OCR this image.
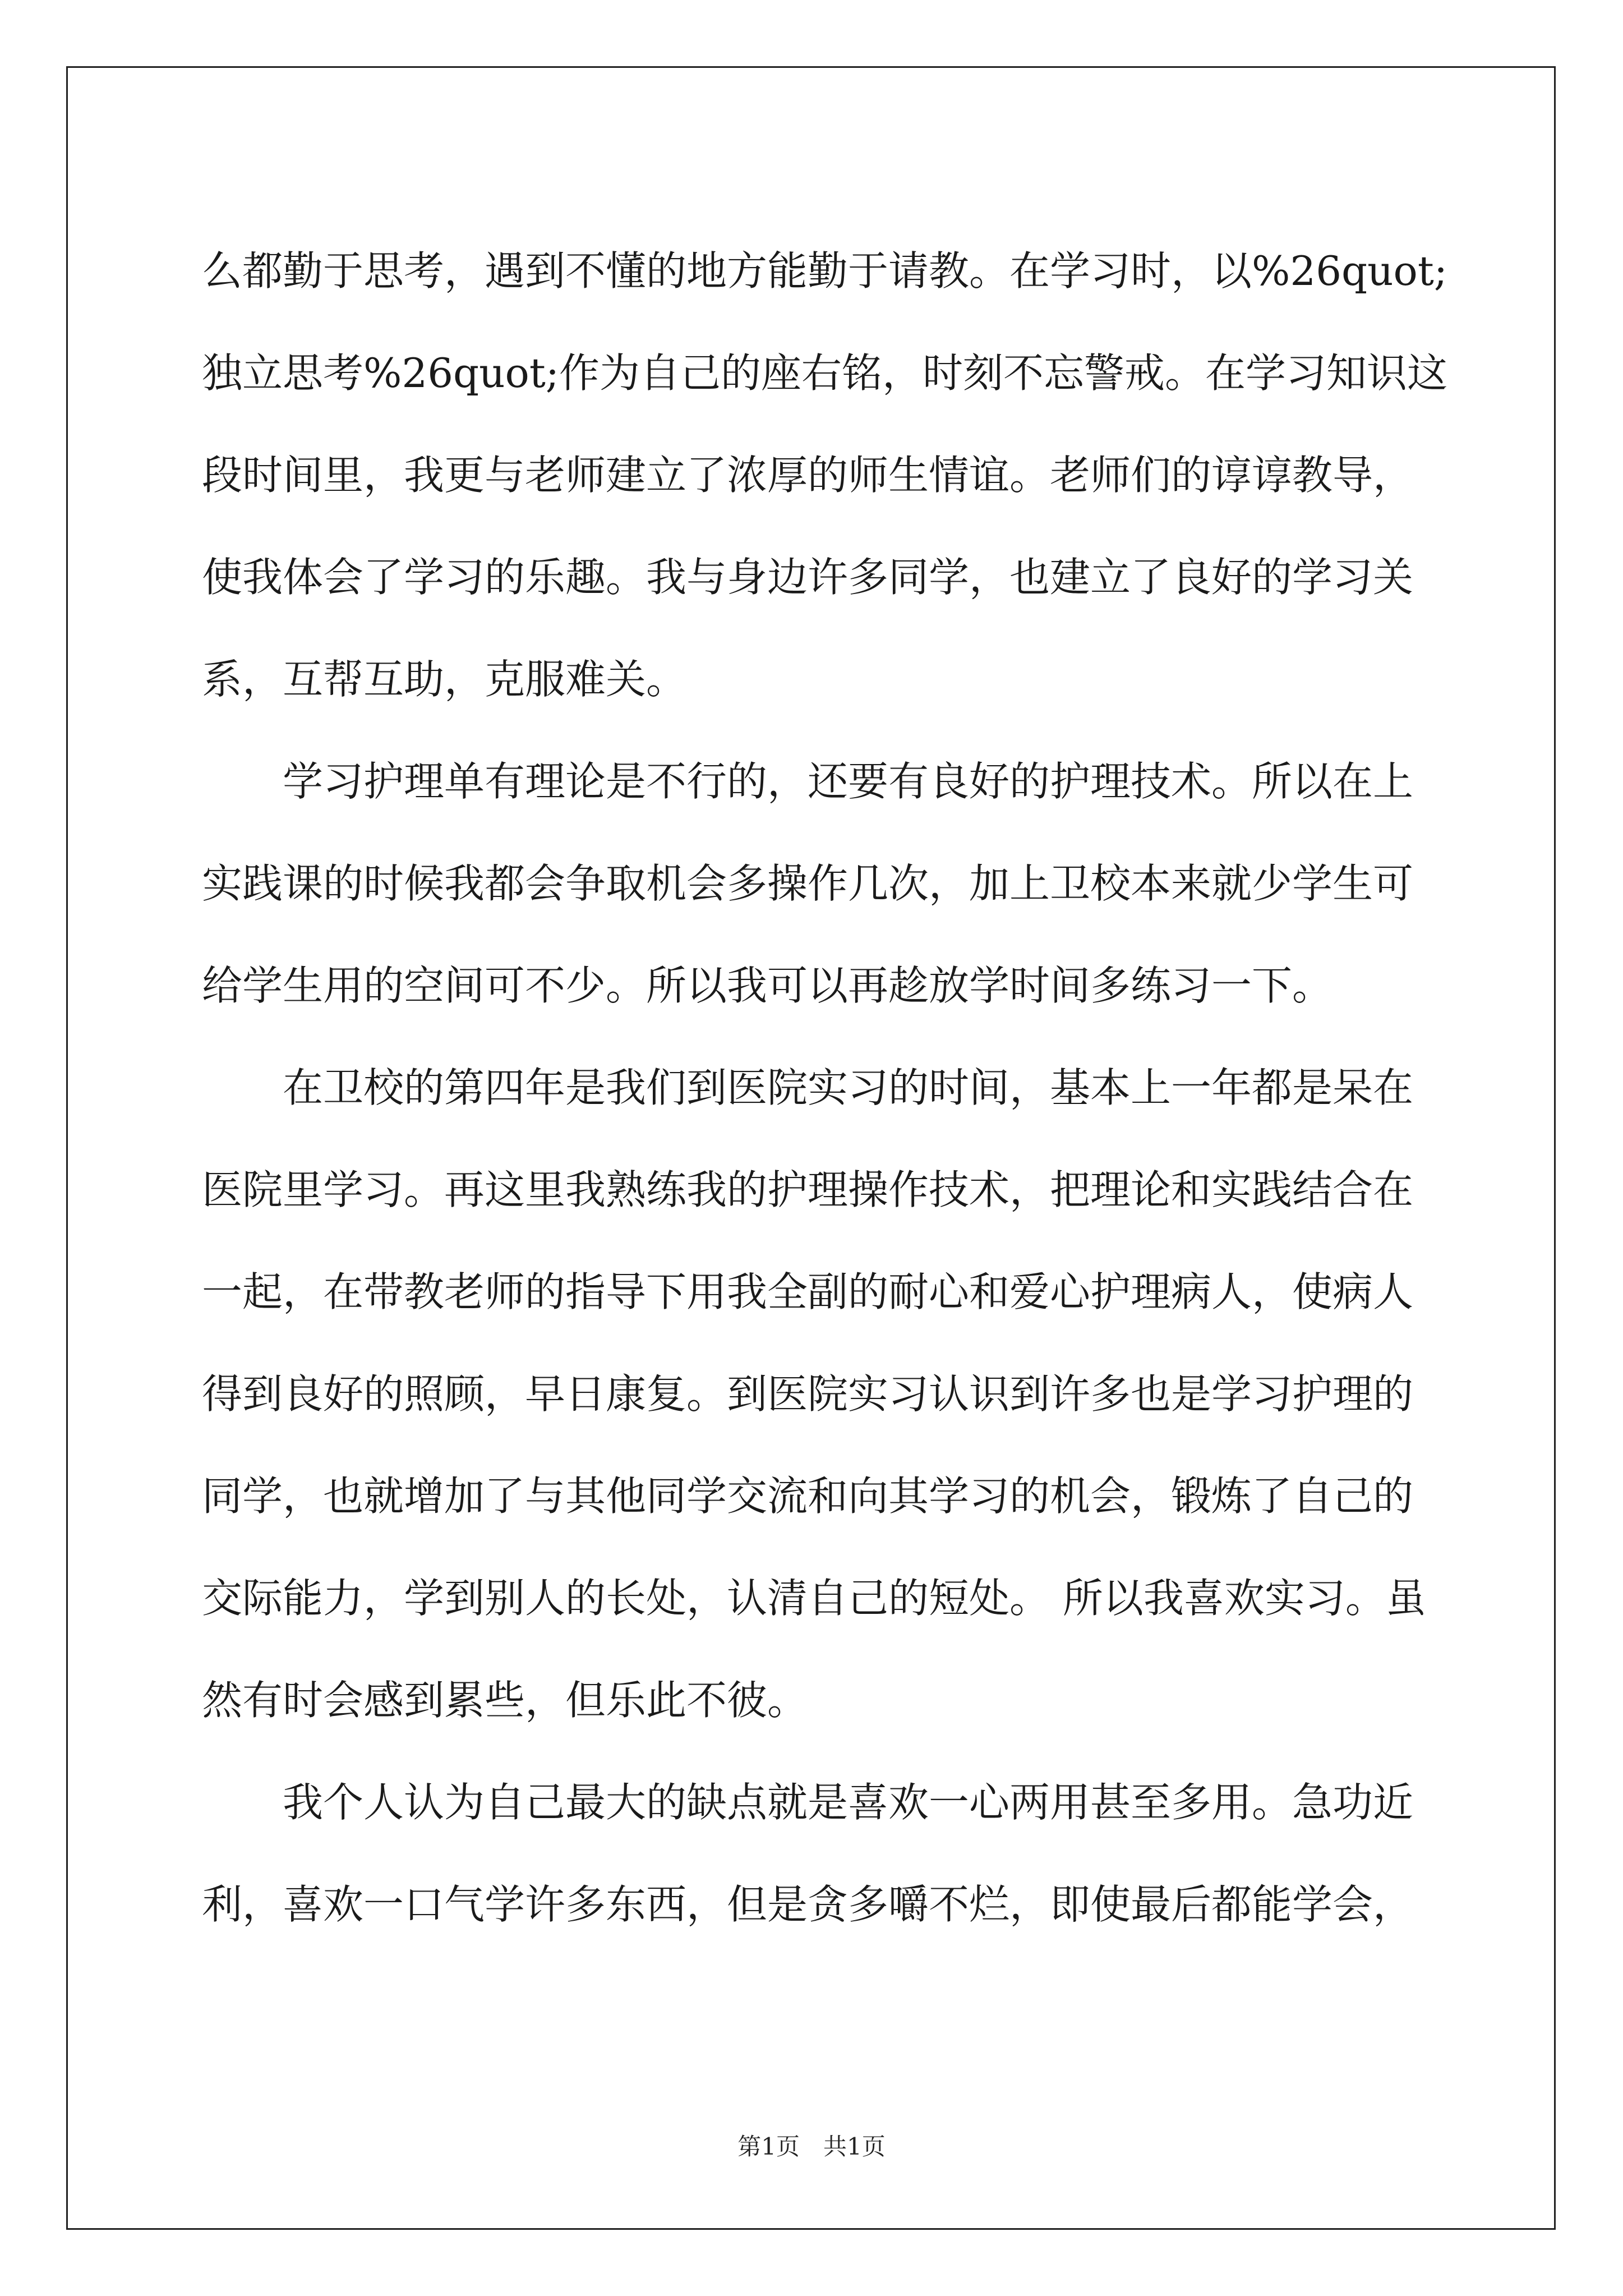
么都勤于思考，遇到不懂的地方能勤于请教。在学习时，以%26quot;
独立思考%26quot;作为自己的座右铭，时刻不忘警戒。在学习知识这
段时间里，我更与老师建立了浓厚的师生情谊。老师们的谆谆教导，
使我体会了学习的乐趣。我与身边许多同学，也建立了良好的学习关
系，互帮互助，克服难关。
学习护理单有理论是不行的，还要有良好的护理技术。所以在上
实践课的时候我都会争取机会多操作几次，加上卫校本来就少学生可
给学生用的空间可不少。所以我可以再趁放学时间多练习一下。
在卫校的第四年是我们到医院实习的时间，基本上一年都是呆在
医院里学习。再这里我熟练我的护理操作技术，把理论和实践结合在
一起，在带教老师的指导下用我全副的耐心和爱心护理病人，使病人
得到良好的照顾，早日康复。到医院实习认识到许多也是学习护理的
同学，也就增加了与其他同学交流和向其学习的机会，锻炼了自己的
交际能力，学到别人的长处，认清自己的短处。 所以我喜欢实习。虽
然有时会感到累些，但乐此不彼。
我个人认为自己最大的缺点就是喜欢一心两用甚至多用。急功近
利，喜欢一口气学许多东西，但是贪多嚼不烂，即使最后都能学会，
第1页　共1页
